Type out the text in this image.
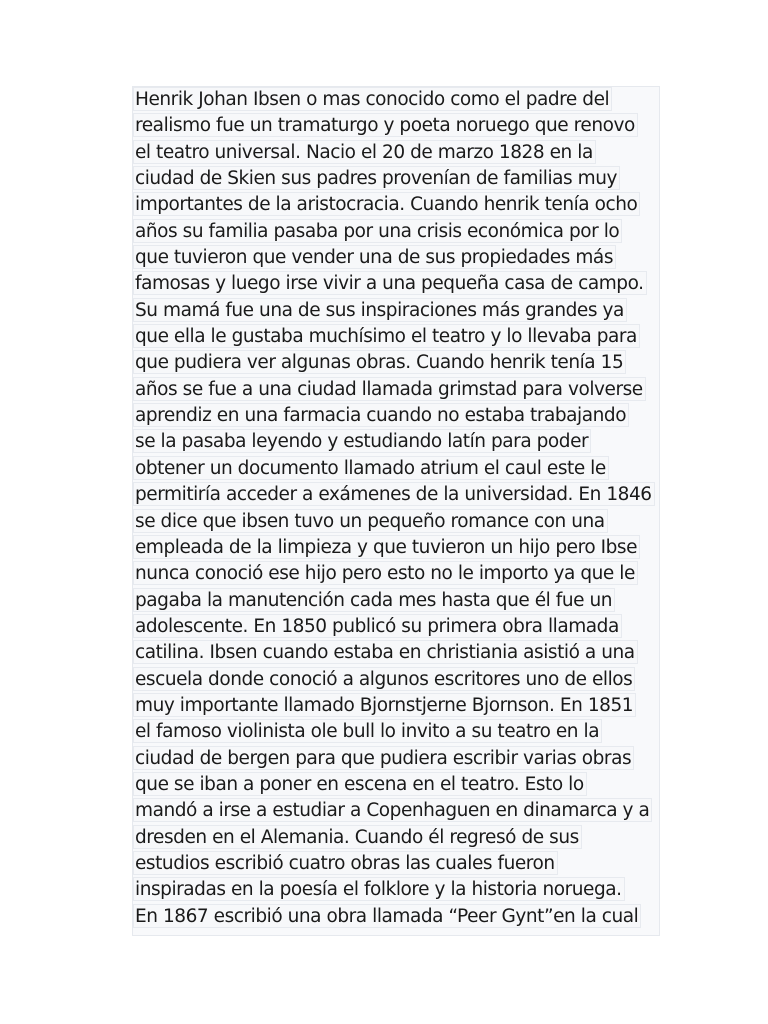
Henrik Johan Ibsen o mas conocido como el padre del
realismo fue un tramaturgo y poeta noruego que renovo
el teatro universal. Nacio el 20 de marzo 1828 en la
ciudad de Skien sus padres provenían de familias muy
importantes de la aristocracia. Cuando henrik tenía ocho
años su familia pasaba por una crisis económica por lo
que tuvieron que vender una de sus propiedades más
famosas y luego irse vivir a una pequeña casa de campo.
Su mamá fue una de sus inspiraciones más grandes ya
que ella le gustaba muchísimo el teatro y lo llevaba para
que pudiera ver algunas obras. Cuando henrik tenía 15
años se fue a una ciudad llamada grimstad para volverse
aprendiz en una farmacia cuando no estaba trabajando
se la pasaba leyendo y estudiando latín para poder
obtener un documento llamado atrium el caul este le
permitiría acceder a exámenes de la universidad. En 1846
se dice que ibsen tuvo un pequeño romance con una
empleada de la limpieza y que tuvieron un hijo pero Ibse
nunca conoció ese hijo pero esto no le importo ya que le
pagaba la manutención cada mes hasta que él fue un
adolescente. En 1850 publicó su primera obra llamada
catilina. Ibsen cuando estaba en christiania asistió a una
escuela donde conoció a algunos escritores uno de ellos
muy importante llamado Bjornstjerne Bjornson. En 1851
el famoso violinista ole bull lo invito a su teatro en la
ciudad de bergen para que pudiera escribir varias obras
que se iban a poner en escena en el teatro. Esto lo
mandó a irse a estudiar a Copenhaguen en dinamarca y a
dresden en el Alemania. Cuando él regresó de sus
estudios escribió cuatro obras las cuales fueron
inspiradas en la poesía el folklore y la historia noruega.
En 1867 escribió una obra llamada “Peer Gynt”en la cual
